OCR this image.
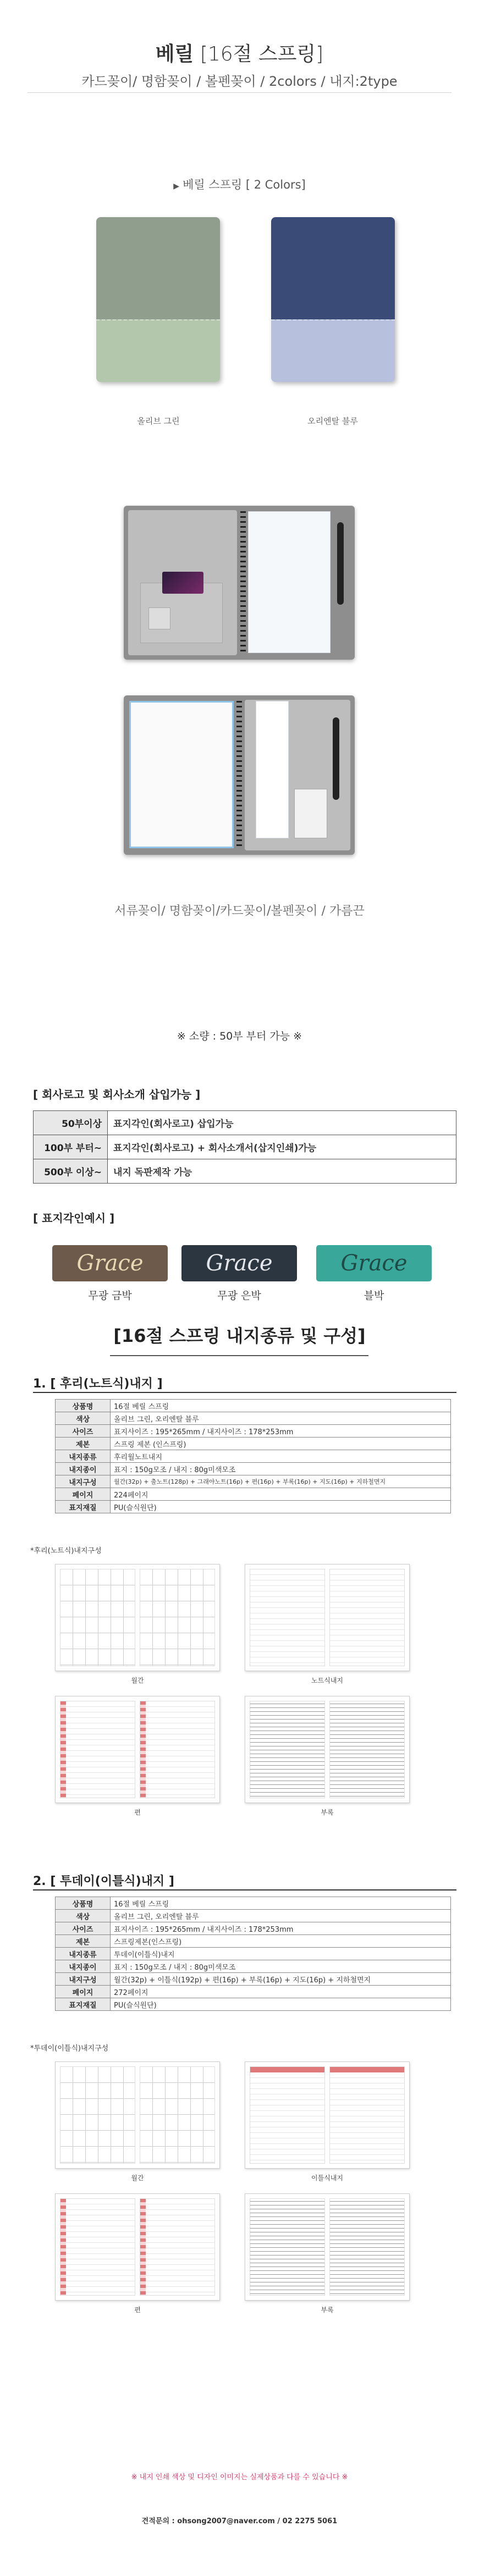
베릴 [16절 스프링]
카드꽂이/ 명함꽂이 / 볼펜꽂이 / 2colors / 내지:2type
▶ 베릴 스프링 [ 2 Colors]
올리브 그린	오리엔탈 블루
서류꽂이/ 명함꽂이/카드꽂이/볼펜꽂이 / 가름끈
※ 소량 : 50부 부터 가능 ※
[ 회사로고 및 회사소개 삽입가능 ]
50부이상	표지각인(회사로고) 삽입가능
100부 부터~	표지각인(회사로고) + 회사소개서(삽지인쇄)가능
500부 이상~	내지 독판제작 가능
[ 표지각인예시 ]
Grace
무광 금박
Grace
무광 은박
Grace
블박
[16절 스프링 내지종류 및 구성]
1. [ 후리(노트식)내지 ]
상품명	16절 베릴 스프링
색상	올리브 그린, 오리엔탈 블루
사이즈	표지사이즈 : 195*265mm / 내지사이즈 : 178*253mm
제본	스프링 제본 (인스프링)
내지종류	후리월노트내지
내지종이	표지 : 150g모조 / 내지 : 80g미색모조
내지구성	월간(32p) + 출노트(128p) + 그래야노트(16p) + 편(16p) + 부록(16p) + 지도(16p) + 지하철면지
페이지	224페이지
표지재질	PU(슬식원단)
*후리(노트식)내지구성
월간	노트식내지
편	부록
2. [ 투데이(이틀식)내지 ]
상품명	16절 베릴 스프링
색상	올리브 그린, 오리엔탈 블루
사이즈	표지사이즈 : 195*265mm / 내지사이즈 : 178*253mm
제본	스프링제본(인스프링)
내지종류	투데이(이틀식)내지
내지종이	표지 : 150g모조 / 내지 : 80g미색모조
내지구성	월간(32p) + 이틀식(192p) + 편(16p) + 부록(16p) + 지도(16p) + 지하철면지
페이지	272페이지
표지재질	PU(슬식원단)
*투데이(이틀식)내지구성
월간	이틀식내지
편	부록
※ 내지 인쇄 색상 및 디자인 이미지는 실제상품과 다를 수 있습니다 ※
견적문의 : ohsong2007@naver.com / 02 2275 5061
